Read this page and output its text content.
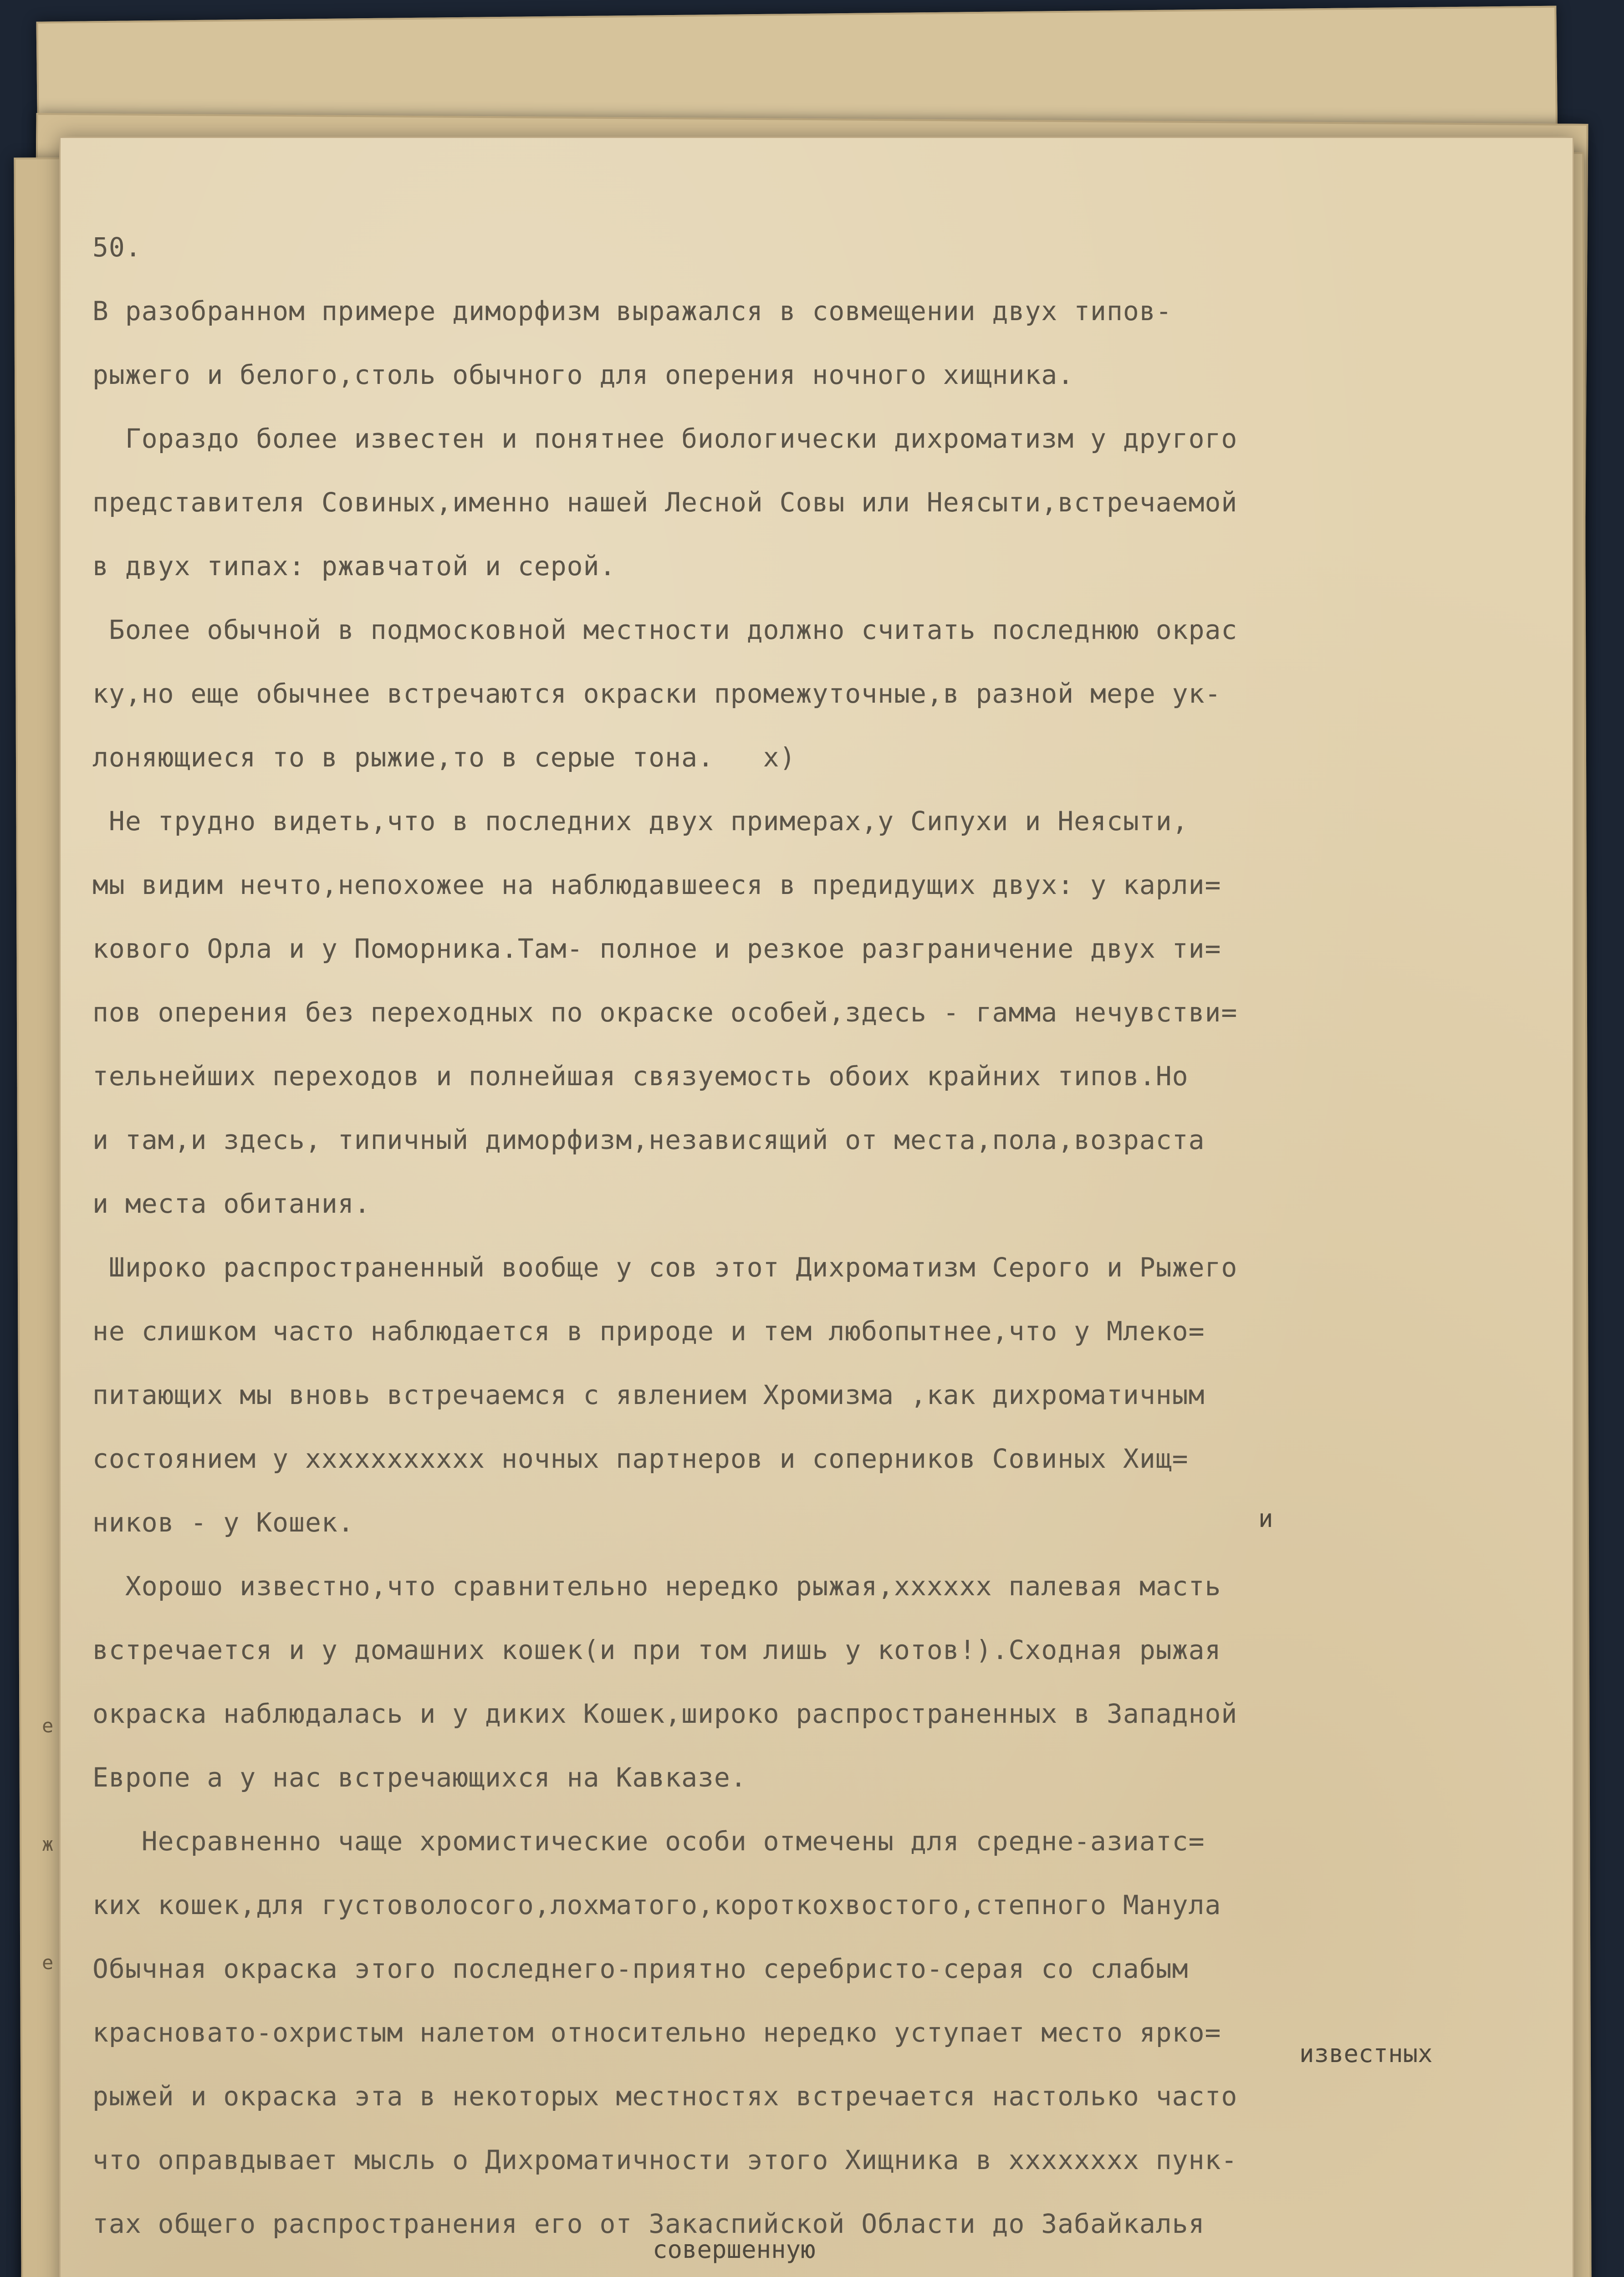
е
ж
е
и
известных
совершенную
50.
В разобранном примере диморфизм выражался в совмещении двух типов-
рыжего и белого,столь обычного для оперения ночного хищника.
Гораздо более известен и понятнее биологически дихроматизм у другого
представителя Совиных,именно нашей Лесной Совы или Неясыти,встречаемой
в двух типах: ржавчатой и серой.
Более обычной в подмосковной местности должно считать последнюю окрас
ку,но еще обычнее встречаются окраски промежуточные,в разной мере ук-
лоняющиеся то в рыжие,то в серые тона.   x)
Не трудно видеть,что в последних двух примерах,у Сипухи и Неясыти,
мы видим нечто,непохожее на наблюдавшееся в предидущих двух: у карли=
кового Орла и у Поморника.Там- полное и резкое разграничение двух ти=
пов оперения без переходных по окраске особей,здесь - гамма нечувстви=
тельнейших переходов и полнейшая связуемость обоих крайних типов.Но
и там,и здесь, типичный диморфизм,независящий от места,пола,возраста
и места обитания.
Широко распространенный вообще у сов этот Дихроматизм Серого и Рыжего
не слишком часто наблюдается в природе и тем любопытнее,что у Млеко=
питающих мы вновь встречаемся с явлением Хромизма ,как дихроматичным
состоянием у ххххххххххх ночных партнеров и соперников Совиных Хищ=
ников - у Кошек.
Хорошо известно,что сравнительно нередко рыжая,хххххх палевая масть
встречается и у домашних кошек(и при том лишь у котов!).Сходная рыжая
окраска наблюдалась и у диких Кошек,широко распространенных в Западной
Европе а у нас встречающихся на Кавказе.
Несравненно чаще хромистические особи отмечены для средне-азиатс=
ких кошек,для густоволосого,лохматого,короткохвостого,степного Манула
Обычная окраска этого последнего-приятно серебристо-серая со слабым
красновато-охристым налетом относительно нередко уступает место ярко=
рыжей и окраска эта в некоторых местностях встречается настолько часто
что оправдывает мысль о Дихроматичности этого Хищника в хххххххх пунк-
тах общего распространения его от Закаспийской Области до Забайкалья
